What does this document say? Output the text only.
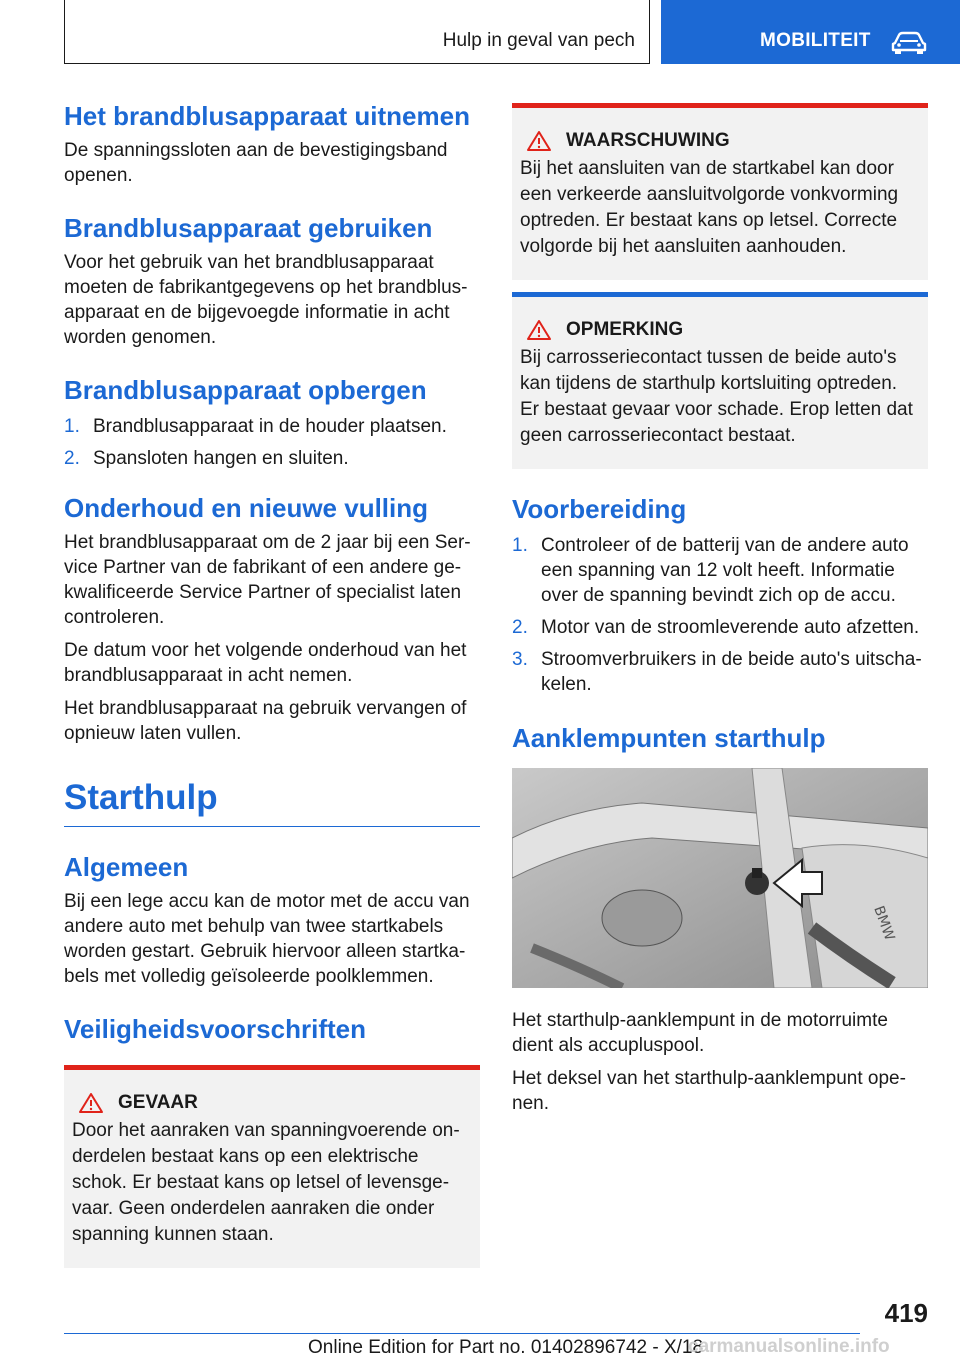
Hulp in geval van pech	MOBILITEIT
Het brandblusapparaat uitnemen

De spanningssloten aan de bevestigingsband openen.

Brandblusapparaat gebruiken

Voor het gebruik van het brandblusapparaat moeten de fabrikantgegevens op het brandblus-apparaat en de bijgevoegde informatie in acht worden genomen.

Brandblusapparaat opbergen
1. Brandblusapparaat in de houder plaatsen.
2. Spansloten hangen en sluiten.
Onderhoud en nieuwe vulling

Het brandblusapparaat om de 2 jaar bij een Ser-vice Partner van de fabrikant of een andere ge-kwalificeerde Service Partner of specialist laten controleren.

De datum voor het volgende onderhoud van het brandblusapparaat in acht nemen.

Het brandblusapparaat na gebruik vervangen of opnieuw laten vullen.

Starthulp
Algemeen

Bij een lege accu kan de motor met de accu van andere auto met behulp van twee startkabels worden gestart. Gebruik hiervoor alleen startka-bels met volledig geïsoleerde poolklemmen.

Veiligheidsvoorschriften
GEVAAR

Door het aanraken van spanningvoerende on-derdelen bestaat kans op een elektrische schok. Er bestaat kans op letsel of levensge-vaar. Geen onderdelen aanraken die onder spanning kunnen staan.

WAARSCHUWING

Bij het aansluiten van de startkabel kan door een verkeerde aansluitvolgorde vonkvorming optreden. Er bestaat kans op letsel. Correcte volgorde bij het aansluiten aanhouden.

OPMERKING

Bij carrosseriecontact tussen de beide auto's kan tijdens de starthulp kortsluiting optreden. Er bestaat gevaar voor schade. Erop letten dat geen carrosseriecontact bestaat.

Voorbereiding
1. Controleer of de batterij van de andere auto een spanning van 12 volt heeft. Informatie over de spanning bevindt zich op de accu.
2. Motor van de stroomleverende auto afzetten.
3. Stroomverbruikers in de beide auto's uitscha-kelen.
Aanklempunten starthulp
BMW

Het starthulp-aanklempunt in de motorruimte dient als accupluspool.

Het deksel van het starthulp-aanklempunt ope-nen.

419
Online Edition for Part no. 01402896742 - X/18
carmanualsonline.info
